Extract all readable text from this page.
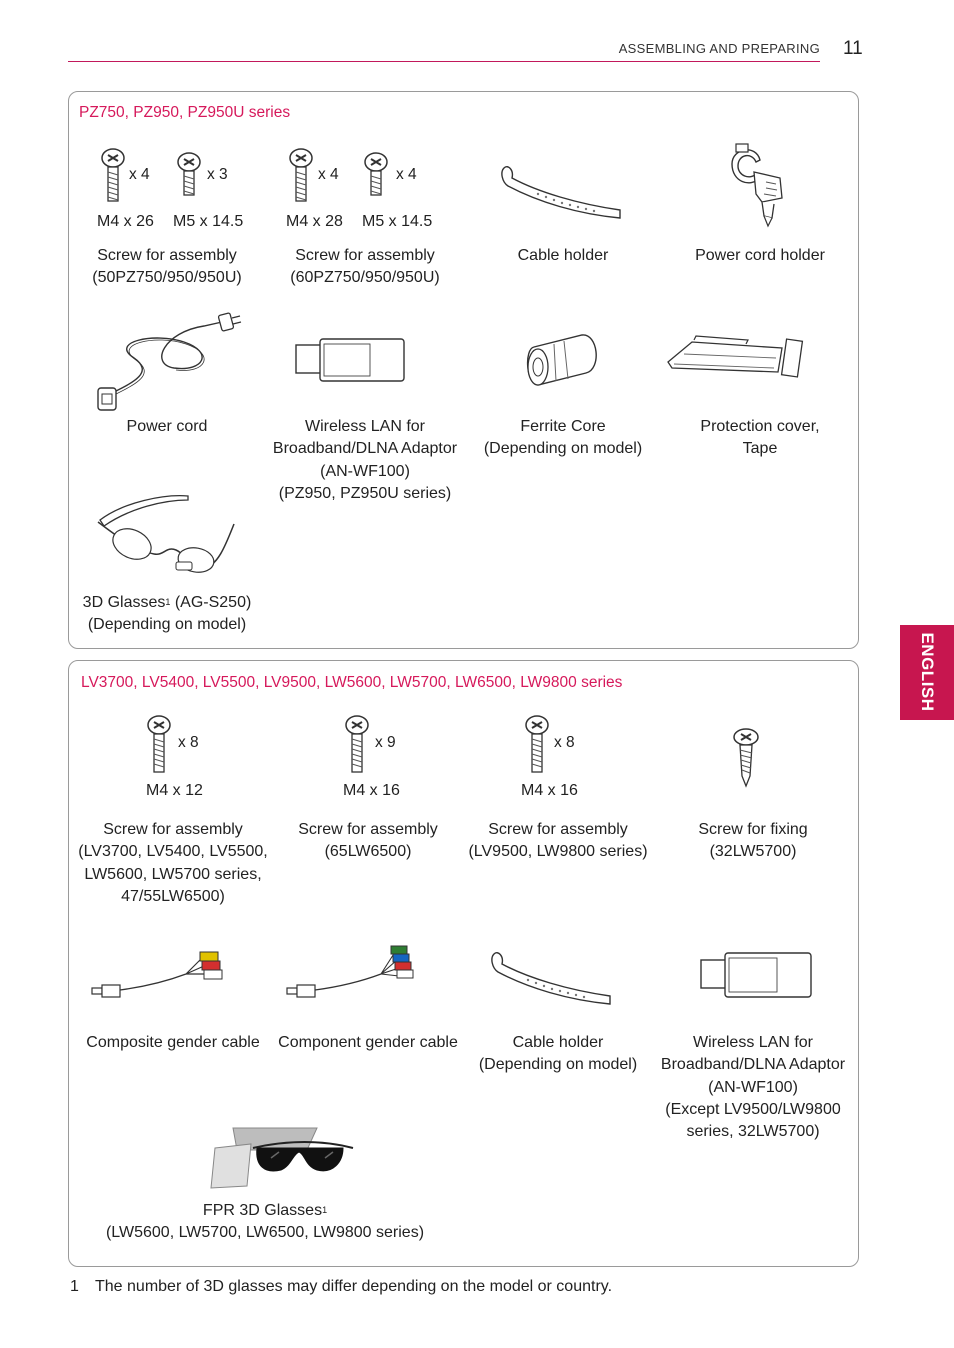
ASSEMBLING AND PREPARING 11
ENGLISH
PZ750, PZ950, PZ950U series
x 4	x 3
M4 x 26 M5 x 14.5
Screw for assembly
(50PZ750/950/950U)
x 4	x 4
M4 x 28 M5 x 14.5
Screw for assembly
(60PZ750/950/950U)
Cable holder	Power cord holder
Power cord	Wireless LAN for
Broadband/DLNA Adaptor
(AN-WF100)
(PZ950, PZ950U series)
Ferrite Core
(Depending on model)
Protection cover,
Tape
3D Glasses$^1$ (AG-S250)
(Depending on model)
LV3700, LV5400, LV5500, LV9500, LW5600, LW5700, LW6500, LW9800 series
x 8
M4 x 12
Screw for assembly
(LV3700, LV5400, LV5500,
LW5600, LW5700 series,
47/55LW6500)
x 9
M4 x 16
Screw for assembly
(65LW6500)
x 8
M4 x 16
Screw for assembly
(LV9500, LW9800 series)
Screw for fixing
(32LW5700)
Composite gender cable	Component gender cable	Cable holder
(Depending on model)
Wireless LAN for
Broadband/DLNA Adaptor
(AN-WF100)
(Except LV9500/LW9800
series, 32LW5700)
FPR 3D Glasses$^1$
(LW5600, LW5700, LW6500, LW9800 series)
1 The number of 3D glasses may differ depending on the model or country.
